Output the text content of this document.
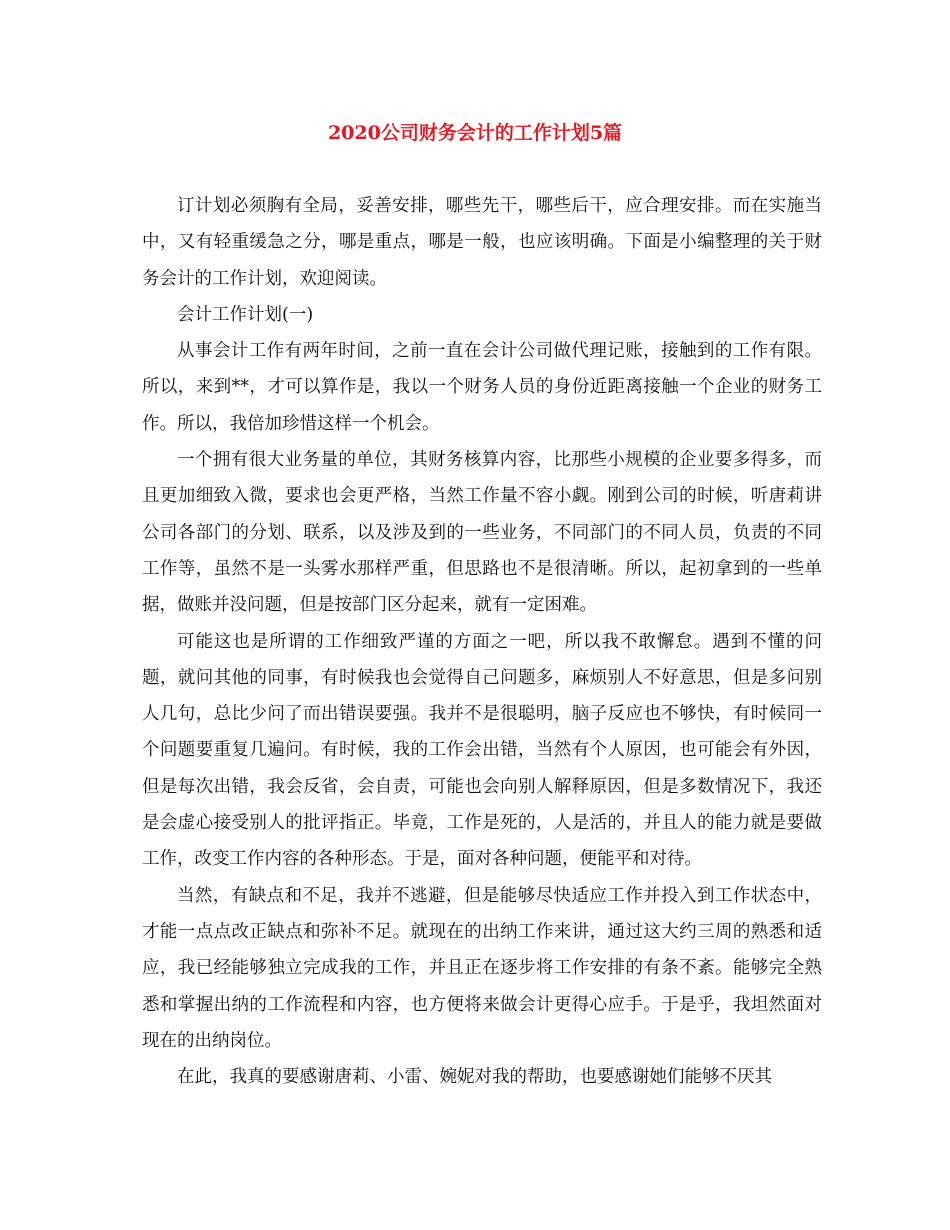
2020公司财务会计的工作计划5篇

订计划必须胸有全局，妥善安排，哪些先干，哪些后干，应合理安排。而在实施当中，又有轻重缓急之分，哪是重点，哪是一般，也应该明确。下面是小编整理的关于财务会计的工作计划，欢迎阅读。

会计工作计划(一)

从事会计工作有两年时间，之前一直在会计公司做代理记账，接触到的工作有限。所以，来到**，才可以算作是，我以一个财务人员的身份近距离接触一个企业的财务工作。所以，我倍加珍惜这样一个机会。

一个拥有很大业务量的单位，其财务核算内容，比那些小规模的企业要多得多，而且更加细致入微，要求也会更严格，当然工作量不容小觑。刚到公司的时候，听唐莉讲公司各部门的分划、联系，以及涉及到的一些业务，不同部门的不同人员，负责的不同工作等，虽然不是一头雾水那样严重，但思路也不是很清晰。所以，起初拿到的一些单据，做账并没问题，但是按部门区分起来，就有一定困难。

可能这也是所谓的工作细致严谨的方面之一吧，所以我不敢懈怠。遇到不懂的问题，就问其他的同事，有时候我也会觉得自己问题多，麻烦别人不好意思，但是多问别人几句，总比少问了而出错误要强。我并不是很聪明，脑子反应也不够快，有时候同一个问题要重复几遍问。有时候，我的工作会出错，当然有个人原因，也可能会有外因，但是每次出错，我会反省，会自责，可能也会向别人解释原因，但是多数情况下，我还是会虚心接受别人的批评指正。毕竟，工作是死的，人是活的，并且人的能力就是要做工作，改变工作内容的各种形态。于是，面对各种问题，便能平和对待。

当然，有缺点和不足，我并不逃避，但是能够尽快适应工作并投入到工作状态中，才能一点点改正缺点和弥补不足。就现在的出纳工作来讲，通过这大约三周的熟悉和适应，我已经能够独立完成我的工作，并且正在逐步将工作安排的有条不紊。能够完全熟悉和掌握出纳的工作流程和内容，也方便将来做会计更得心应手。于是乎，我坦然面对现在的出纳岗位。

在此，我真的要感谢唐莉、小雷、婉妮对我的帮助，也要感谢她们能够不厌其
